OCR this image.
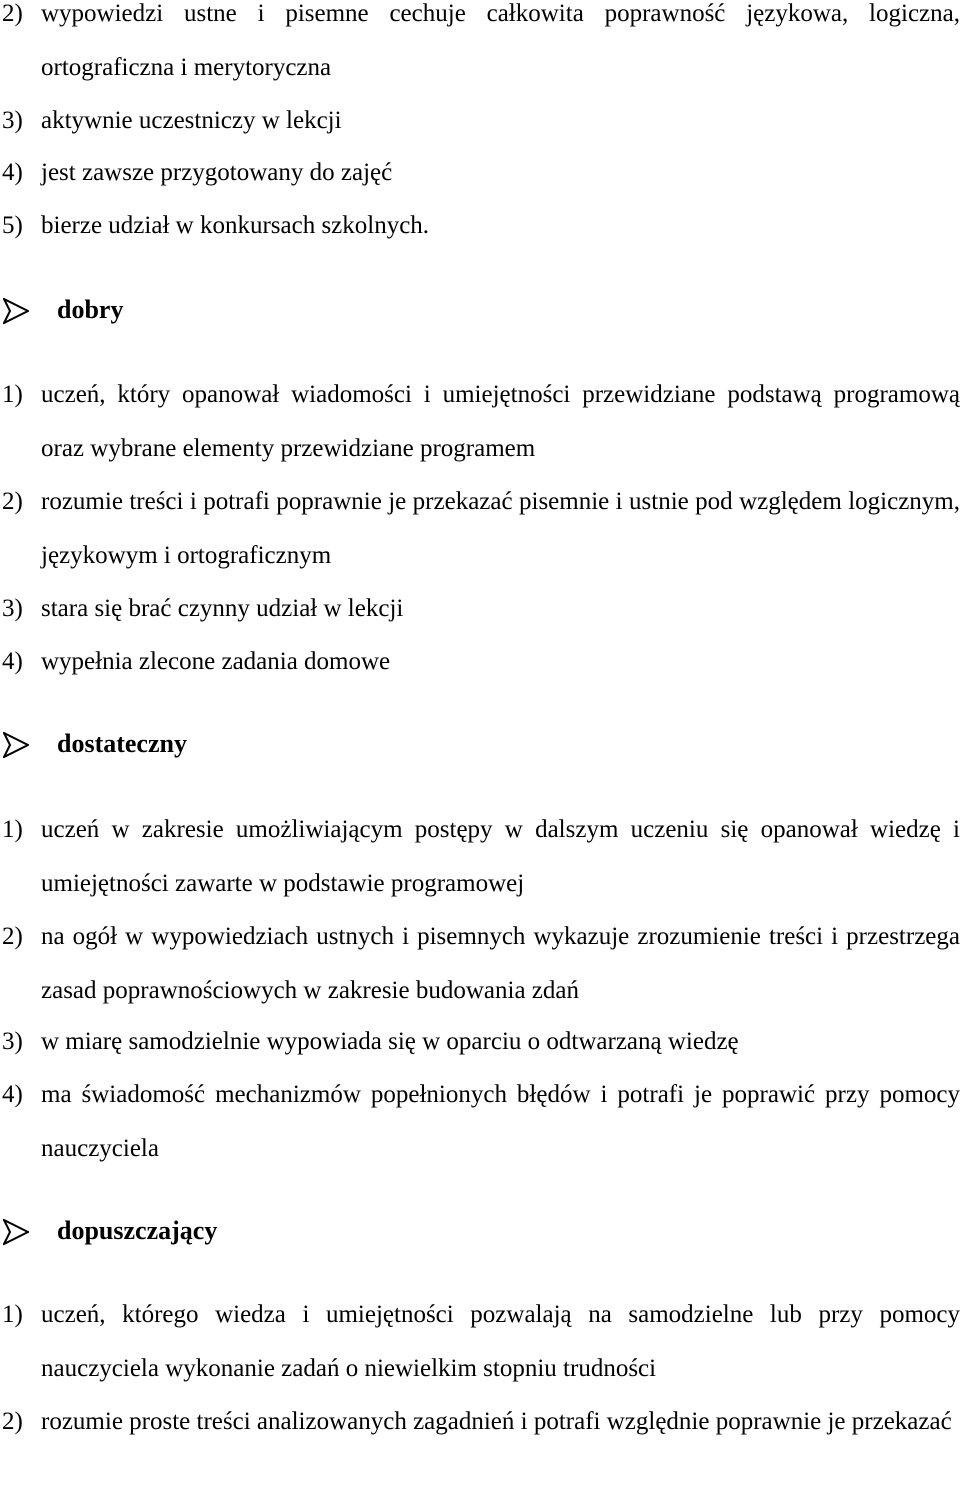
2) wypowiedzi ustne i pisemne cechuje całkowita poprawność językowa, logiczna, ortograficzna i merytoryczna
3) aktywnie uczestniczy w lekcji
4) jest zawsze przygotowany do zajęć
5) bierze udział w konkursach szkolnych.
dobry
1) uczeń, który opanował wiadomości i umiejętności przewidziane podstawą programową oraz wybrane elementy przewidziane programem
2) rozumie treści i potrafi poprawnie je przekazać pisemnie i ustnie pod względem logicznym, językowym i ortograficznym
3) stara się brać czynny udział w lekcji
4) wypełnia zlecone zadania domowe
dostateczny
1) uczeń w zakresie umożliwiającym postępy w dalszym uczeniu się opanował wiedzę i umiejętności zawarte w podstawie programowej
2) na ogół w wypowiedziach ustnych i pisemnych wykazuje zrozumienie treści i przestrzega zasad poprawnościowych w zakresie budowania zdań
3) w miarę samodzielnie wypowiada się w oparciu o odtwarzaną wiedzę
4) ma świadomość mechanizmów popełnionych błędów i potrafi je poprawić przy pomocy nauczyciela
dopuszczający
1) uczeń, którego wiedza i umiejętności pozwalają na samodzielne lub przy pomocy nauczyciela wykonanie zadań o niewielkim stopniu trudności
2) rozumie proste treści analizowanych zagadnień i potrafi względnie poprawnie je przekazać
